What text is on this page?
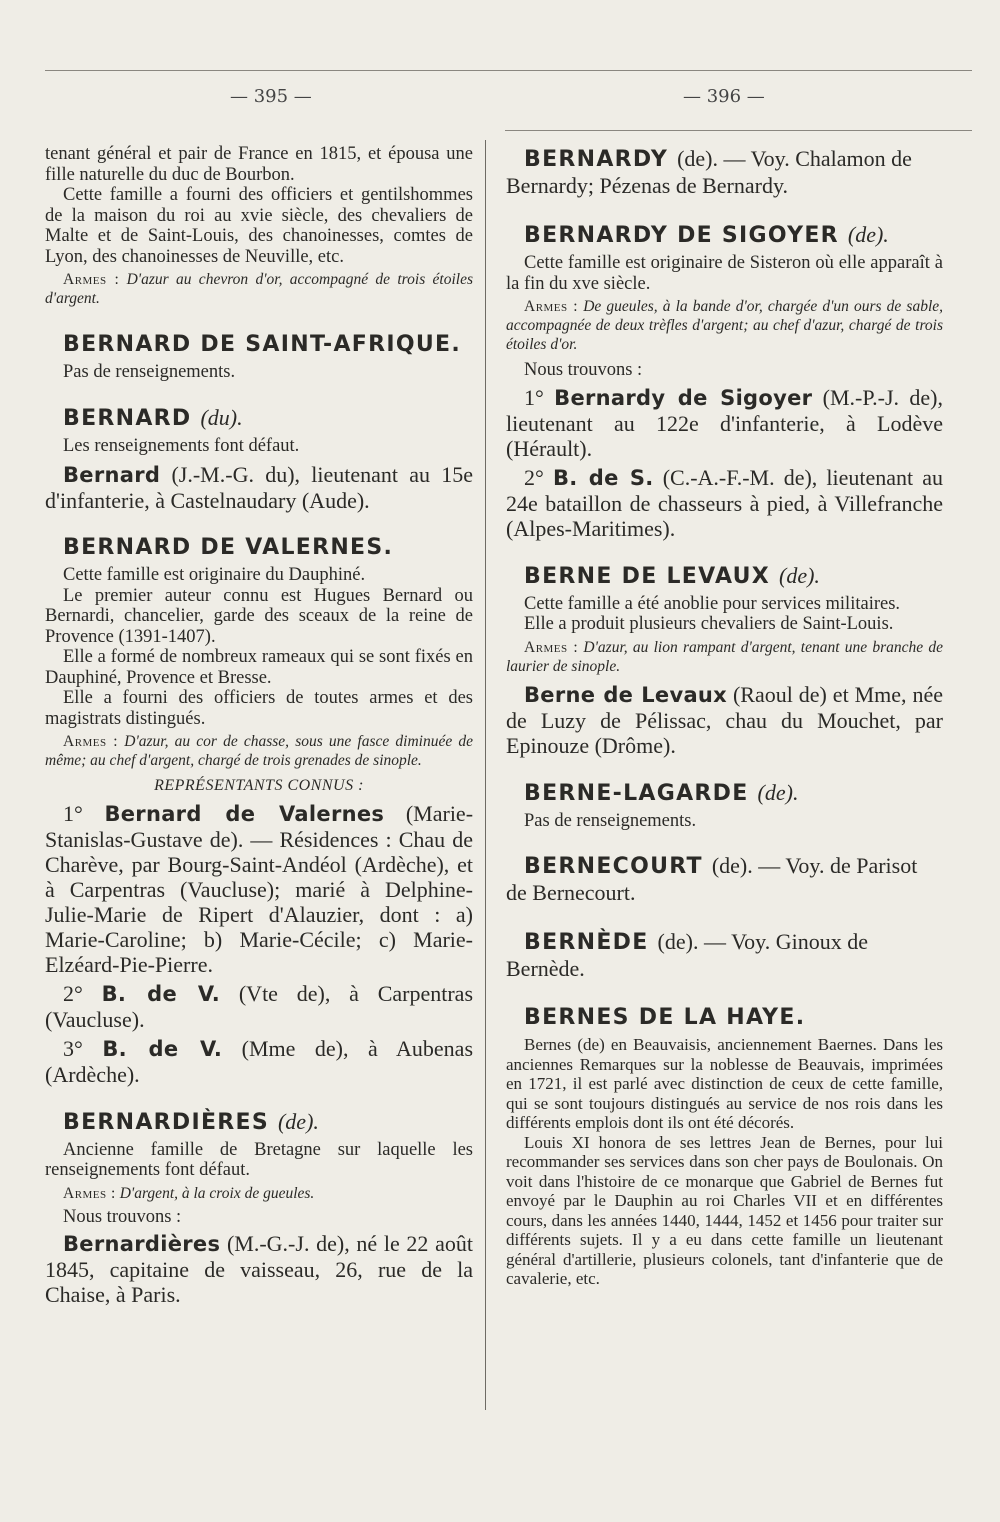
— 395 —	— 396 —

tenant général et pair de France en 1815, et épousa une fille naturelle du duc de Bourbon.

Cette famille a fourni des officiers et gentilshommes de la maison du roi au xvie siècle, des chevaliers de Malte et de Saint-Louis, des chanoinesses, comtes de Lyon, des chanoinesses de Neuville, etc.

Armes : D'azur au chevron d'or, accompagné de trois étoiles d'argent.

BERNARD DE SAINT-AFRIQUE.

Pas de renseignements.

BERNARD (du).

Les renseignements font défaut.

Bernard (J.-M.-G. du), lieutenant au 15e d'infanterie, à Castelnaudary (Aude).

BERNARD DE VALERNES.

Cette famille est originaire du Dauphiné.

Le premier auteur connu est Hugues Bernard ou Bernardi, chancelier, garde des sceaux de la reine de Provence (1391-1407).

Elle a formé de nombreux rameaux qui se sont fixés en Dauphiné, Provence et Bresse.

Elle a fourni des officiers de toutes armes et des magistrats distingués.

Armes : D'azur, au cor de chasse, sous une fasce diminuée de même; au chef d'argent, chargé de trois grenades de sinople.

REPRÉSENTANTS CONNUS :

1° Bernard de Valernes (Marie-Stanislas-Gustave de). — Résidences : Chau de Charève, par Bourg-Saint-Andéol (Ardèche), et à Carpentras (Vaucluse); marié à Delphine-Julie-Marie de Ripert d'Alauzier, dont : a) Marie-Caroline; b) Marie-Cécile; c) Marie-Elzéard-Pie-Pierre.

2° B. de V. (Vte de), à Carpentras (Vaucluse).

3° B. de V. (Mme de), à Aubenas (Ardèche).

BERNARDIÈRES (de).

Ancienne famille de Bretagne sur laquelle les renseignements font défaut.

Armes : D'argent, à la croix de gueules.

Nous trouvons :

Bernardières (M.-G.-J. de), né le 22 août 1845, capitaine de vaisseau, 26, rue de la Chaise, à Paris.

BERNARDY (de). — Voy. Chalamon de Bernardy; Pézenas de Bernardy.
BERNARDY DE SIGOYER (de).

Cette famille est originaire de Sisteron où elle apparaît à la fin du xve siècle.

Armes : De gueules, à la bande d'or, chargée d'un ours de sable, accompagnée de deux trèfles d'argent; au chef d'azur, chargé de trois étoiles d'or.

Nous trouvons :

1° Bernardy de Sigoyer (M.-P.-J. de), lieutenant au 122e d'infanterie, à Lodève (Hérault).

2° B. de S. (C.-A.-F.-M. de), lieutenant au 24e bataillon de chasseurs à pied, à Villefranche (Alpes-Maritimes).

BERNE DE LEVAUX (de).

Cette famille a été anoblie pour services militaires.

Elle a produit plusieurs chevaliers de Saint-Louis.

Armes : D'azur, au lion rampant d'argent, tenant une branche de laurier de sinople.

Berne de Levaux (Raoul de) et Mme, née de Luzy de Pélissac, chau du Mouchet, par Epinouze (Drôme).

BERNE-LAGARDE (de).

Pas de renseignements.

BERNECOURT (de). — Voy. de Parisot de Bernecourt.
BERNÈDE (de). — Voy. Ginoux de Bernède.
BERNES DE LA HAYE.

Bernes (de) en Beauvaisis, anciennement Baernes. Dans les anciennes Remarques sur la noblesse de Beauvais, imprimées en 1721, il est parlé avec distinction de ceux de cette famille, qui se sont toujours distingués au service de nos rois dans les différents emplois dont ils ont été décorés.

Louis XI honora de ses lettres Jean de Bernes, pour lui recommander ses services dans son cher pays de Boulonais. On voit dans l'histoire de ce monarque que Gabriel de Bernes fut envoyé par le Dauphin au roi Charles VII et en différentes cours, dans les années 1440, 1444, 1452 et 1456 pour traiter sur différents sujets. Il y a eu dans cette famille un lieutenant général d'artillerie, plusieurs colonels, tant d'infanterie que de cavalerie, etc.
